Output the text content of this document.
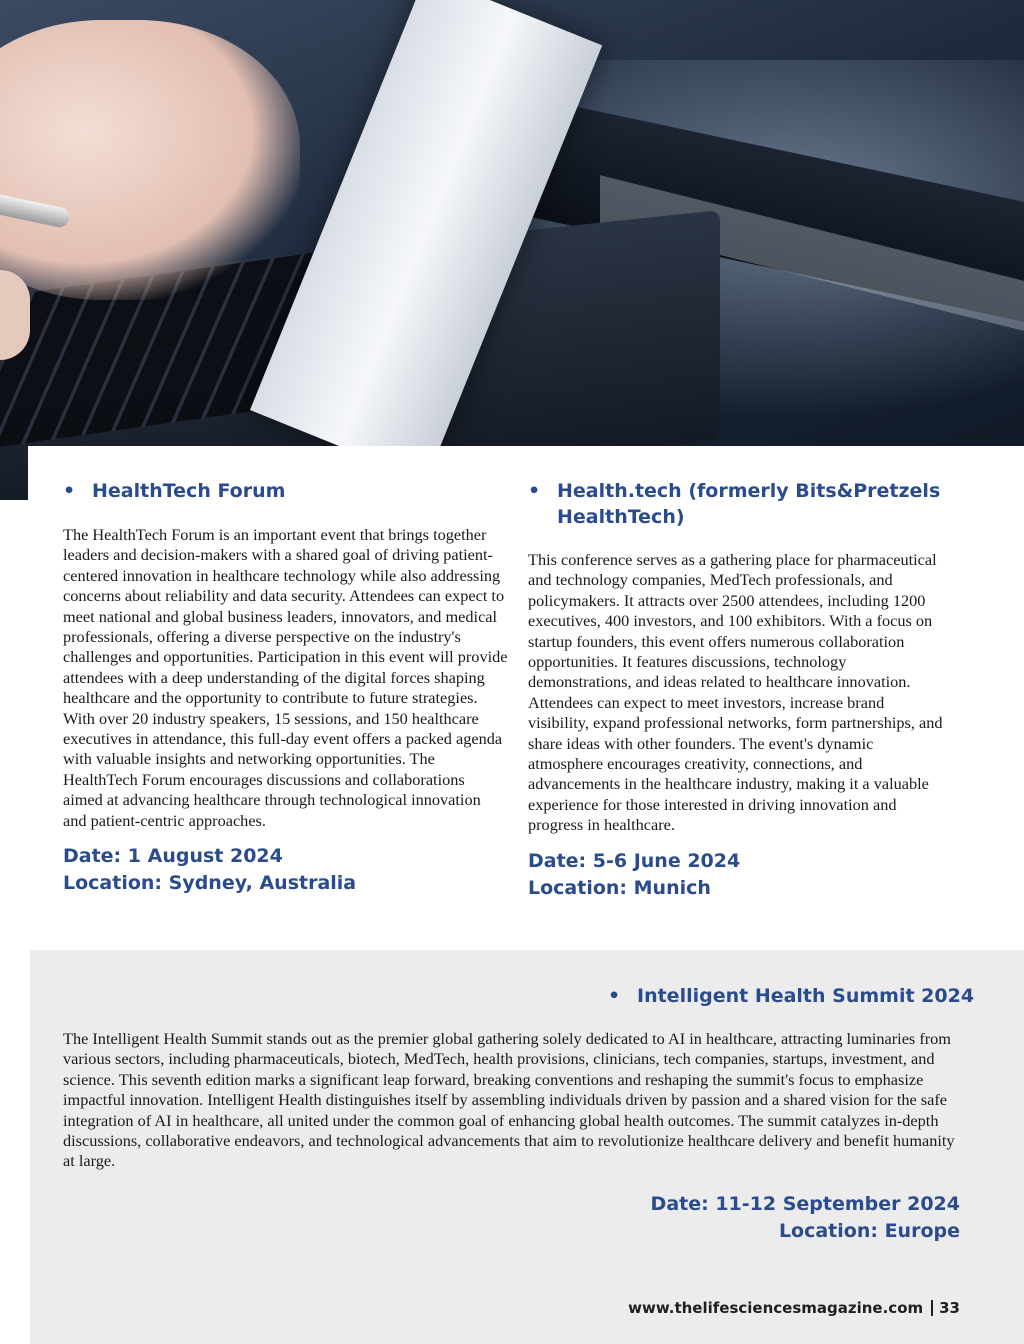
• HealthTech Forum

The HealthTech Forum is an important event that brings together leaders and decision-makers with a shared goal of driving patient-centered innovation in healthcare technology while also addressing concerns about reliability and data security. Attendees can expect to meet national and global business leaders, innovators, and medical professionals, offering a diverse perspective on the industry's challenges and opportunities. Participation in this event will provide attendees with a deep understanding of the digital forces shaping healthcare and the opportunity to contribute to future strategies. With over 20 industry speakers, 15 sessions, and 150 healthcare executives in attendance, this full-day event offers a packed agenda with valuable insights and networking opportunities. The HealthTech Forum encourages discussions and collaborations aimed at advancing healthcare through technological innovation and patient-centric approaches.

Date: 1 August 2024

Location: Sydney, Australia

• Health.tech (formerly Bits&Pretzels HealthTech)

This conference serves as a gathering place for pharmaceutical and technology companies, MedTech professionals, and policymakers. It attracts over 2500 attendees, including 1200 executives, 400 investors, and 100 exhibitors. With a focus on startup founders, this event offers numerous collaboration opportunities. It features discussions, technology demonstrations, and ideas related to healthcare innovation. Attendees can expect to meet investors, increase brand visibility, expand professional networks, form partnerships, and share ideas with other founders. The event's dynamic atmosphere encourages creativity, connections, and advancements in the healthcare industry, making it a valuable experience for those interested in driving innovation and progress in healthcare.

Date: 5-6 June 2024

Location: Munich

• Intelligent Health Summit 2024

The Intelligent Health Summit stands out as the premier global gathering solely dedicated to AI in healthcare, attracting luminaries from various sectors, including pharmaceuticals, biotech, MedTech, health provisions, clinicians, tech companies, startups, investment, and science. This seventh edition marks a significant leap forward, breaking conventions and reshaping the summit's focus to emphasize impactful innovation. Intelligent Health distinguishes itself by assembling individuals driven by passion and a shared vision for the safe integration of AI in healthcare, all united under the common goal of enhancing global health outcomes. The summit catalyzes in-depth discussions, collaborative endeavors, and technological advancements that aim to revolutionize healthcare delivery and benefit humanity at large.

Date: 11-12 September 2024

Location: Europe

www.thelifesciencesmagazine.com 33
